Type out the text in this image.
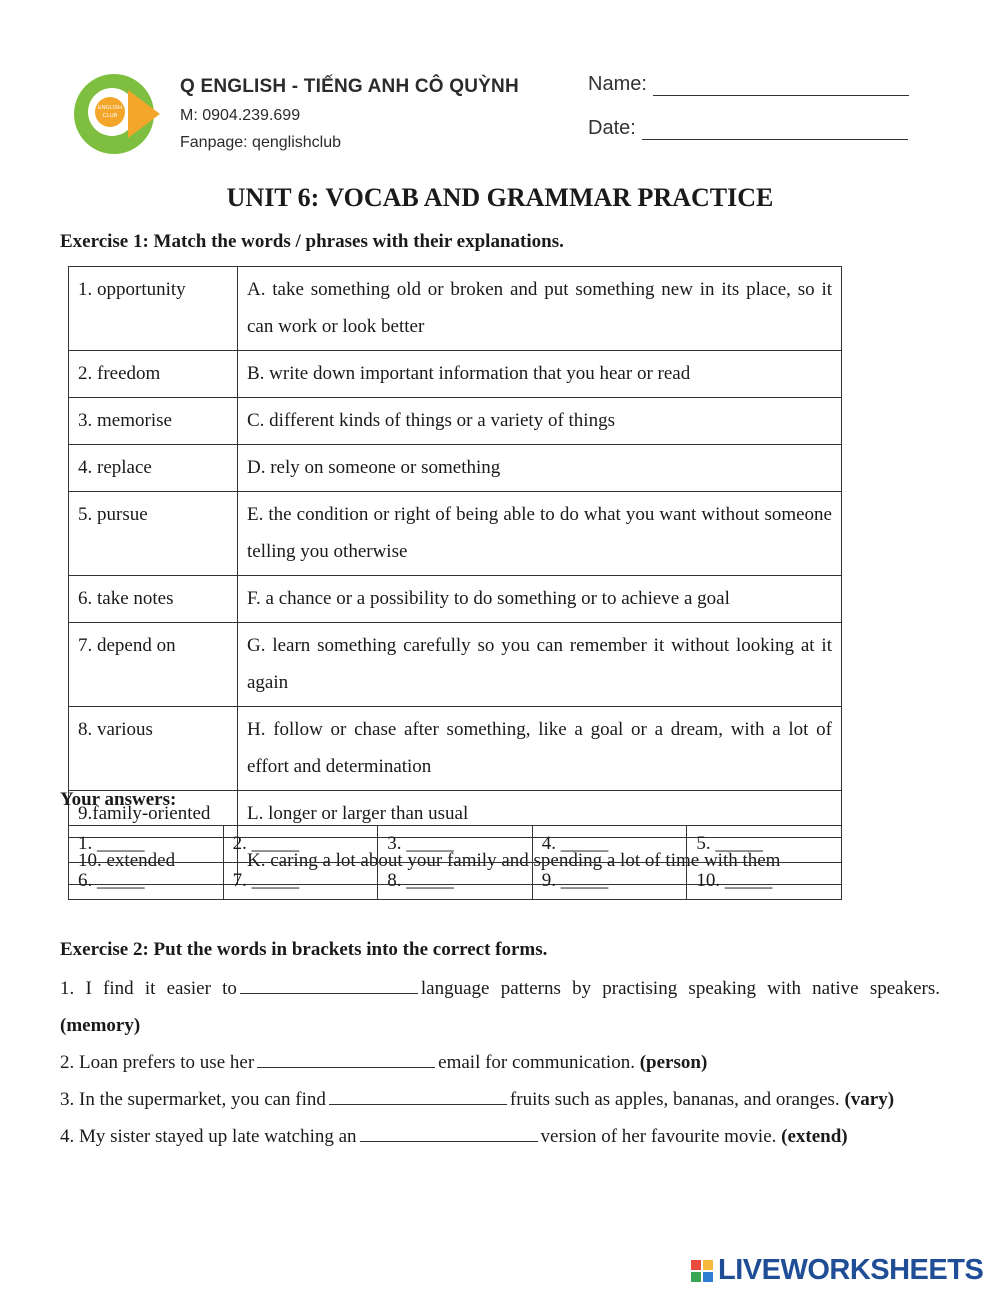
ENGLISH
CLUB
Q ENGLISH - TIẾNG ANH CÔ QUỲNH
M: 0904.239.699
Fanpage: qenglishclub
Name:
Date:
UNIT 6: VOCAB AND GRAMMAR PRACTICE
Exercise 1: Match the words / phrases with their explanations.
1. opportunity	A. take something old or broken and put something new in its place, so it can work or look better
2. freedom	B. write down important information that you hear or read
3. memorise	C. different kinds of things or a variety of things
4. replace	D. rely on someone or something
5. pursue	E. the condition or right of being able to do what you want without someone telling you otherwise
6. take notes	F. a chance or a possibility to do something or to achieve a goal
7. depend on	G. learn something carefully so you can remember it without looking at it again
8. various	H. follow or chase after something, like a goal or a dream, with a lot of effort and determination
9.family-oriented	L. longer or larger than usual
10. extended	K. caring a lot about your family and spending a lot of time with them
Your answers:
1. _____	2. _____	3. _____	4. _____	5. _____
6. _____	7. _____	8. _____	9. _____	10. _____
Exercise 2: Put the words in brackets into the correct forms.
1. I find it easier to	language patterns by practising speaking with native speakers. (memory)
2. Loan prefers to use her	email for communication. (person)
3. In the supermarket, you can find	fruits such as apples, bananas, and oranges. (vary)
4. My sister stayed up late watching an	version of her favourite movie. (extend)
LIVEWORKSHEETS
